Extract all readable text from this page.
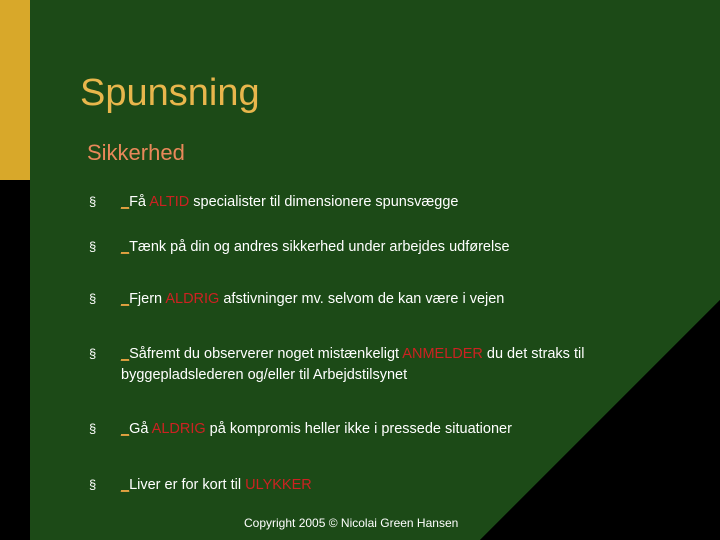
Spunsning
Sikkerhed
§ _Få ALTID specialister til dimensionere spunsvægge
§ _Tænk på din og andres sikkerhed under arbejdes udførelse
§ _Fjern ALDRIG afstivninger mv. selvom de kan være i vejen
§ _Såfremt du observerer noget mistænkeligt ANMELDER du det straks til byggepladslederen og/eller til Arbejdstilsynet
§ _Gå ALDRIG på kompromis heller ikke i pressede situationer
§ _Liver er for kort til ULYKKER
Copyright 2005 © Nicolai Green Hansen
